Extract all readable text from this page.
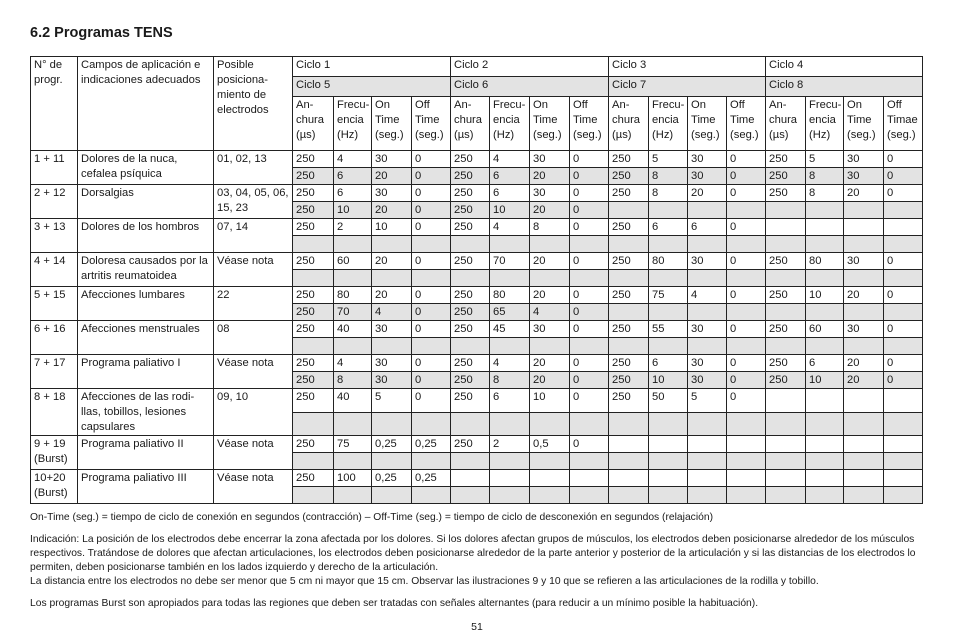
6.2 Programas TENS
N° de progr.	Campos de aplicación e indicaciones adecuados	Posible posiciona-miento de electrodos	Ciclo 1				Ciclo 2				Ciclo 3				Ciclo 4			
			Ciclo 5				Ciclo 6				Ciclo 7				Ciclo 8			
			An-chura (µs)	Frecu-encia (Hz)	On Time (seg.)	Off Time (seg.)	An-chura (µs)	Frecu-encia (Hz)	On Time (seg.)	Off Time (seg.)	An-chura (µs)	Frecu-encia (Hz)	On Time (seg.)	Off Time (seg.)	An-chura (µs)	Frecu-encia (Hz)	On Time (seg.)	Off Timae (seg.)
1 + 11	Dolores de la nuca, cefalea psíquica	01, 02, 13	250	4	30	0	250	4	30	0	250	5	30	0	250	5	30	0
			250	6	20	0	250	6	20	0	250	8	30	0	250	8	30	0
2 + 12	Dorsalgias	03, 04, 05, 06, 15, 23	250	6	30	0	250	6	30	0	250	8	20	0	250	8	20	0
			250	10	20	0	250	10	20	0								
3 + 13	Dolores de los hombros	07, 14	250	2	10	0	250	4	8	0	250	6	6	0				

4 + 14	Doloresa causados por la artritis reumatoidea	Véase nota	250	60	20	0	250	70	20	0	250	80	30	0	250	80	30	0

5 + 15	Afecciones lumbares	22	250	80	20	0	250	80	20	0	250	75	4	0	250	10	20	0
			250	70	4	0	250	65	4	0								
6 + 16	Afecciones menstruales	08	250	40	30	0	250	45	30	0	250	55	30	0	250	60	30	0

7 + 17	Programa paliativo I	Véase nota	250	4	30	0	250	4	20	0	250	6	30	0	250	6	20	0
			250	8	30	0	250	8	20	0	250	10	30	0	250	10	20	0
8 + 18	Afecciones de las rodi-llas, tobillos, lesiones capsulares	09, 10	250	40	5	0	250	6	10	0	250	50	5	0				

9 + 19 (Burst)	Programa paliativo II	Véase nota	250	75	0,25	0,25	250	2	0,5	0								

10+20 (Burst)	Programa paliativo III	Véase nota	250	100	0,25	0,25												

On-Time (seg.) = tiempo de ciclo de conexión en segundos (contracción) – Off-Time (seg.) = tiempo de ciclo de desconexión en segundos (relajación)

Indicación: La posición de los electrodos debe encerrar la zona afectada por los dolores. Si los dolores afectan grupos de músculos, los electrodos deben posicionarse alrededor de los músculos respectivos. Tratándose de dolores que afectan articulaciones, los electrodos deben posicionarse alrededor de la parte anterior y posterior de la articulación y si las distancias de los electrodos lo permiten, deben posicionarse también en los lados izquierdo y derecho de la articulación.

La distancia entre los electrodos no debe ser menor que 5 cm ni mayor que 15 cm. Observar las ilustraciones 9 y 10 que se refieren a las articulaciones de la rodilla y tobillo.

Los programas Burst son apropiados para todas las regiones que deben ser tratadas con señales alternantes (para reducir a un mínimo posible la habituación).

51
